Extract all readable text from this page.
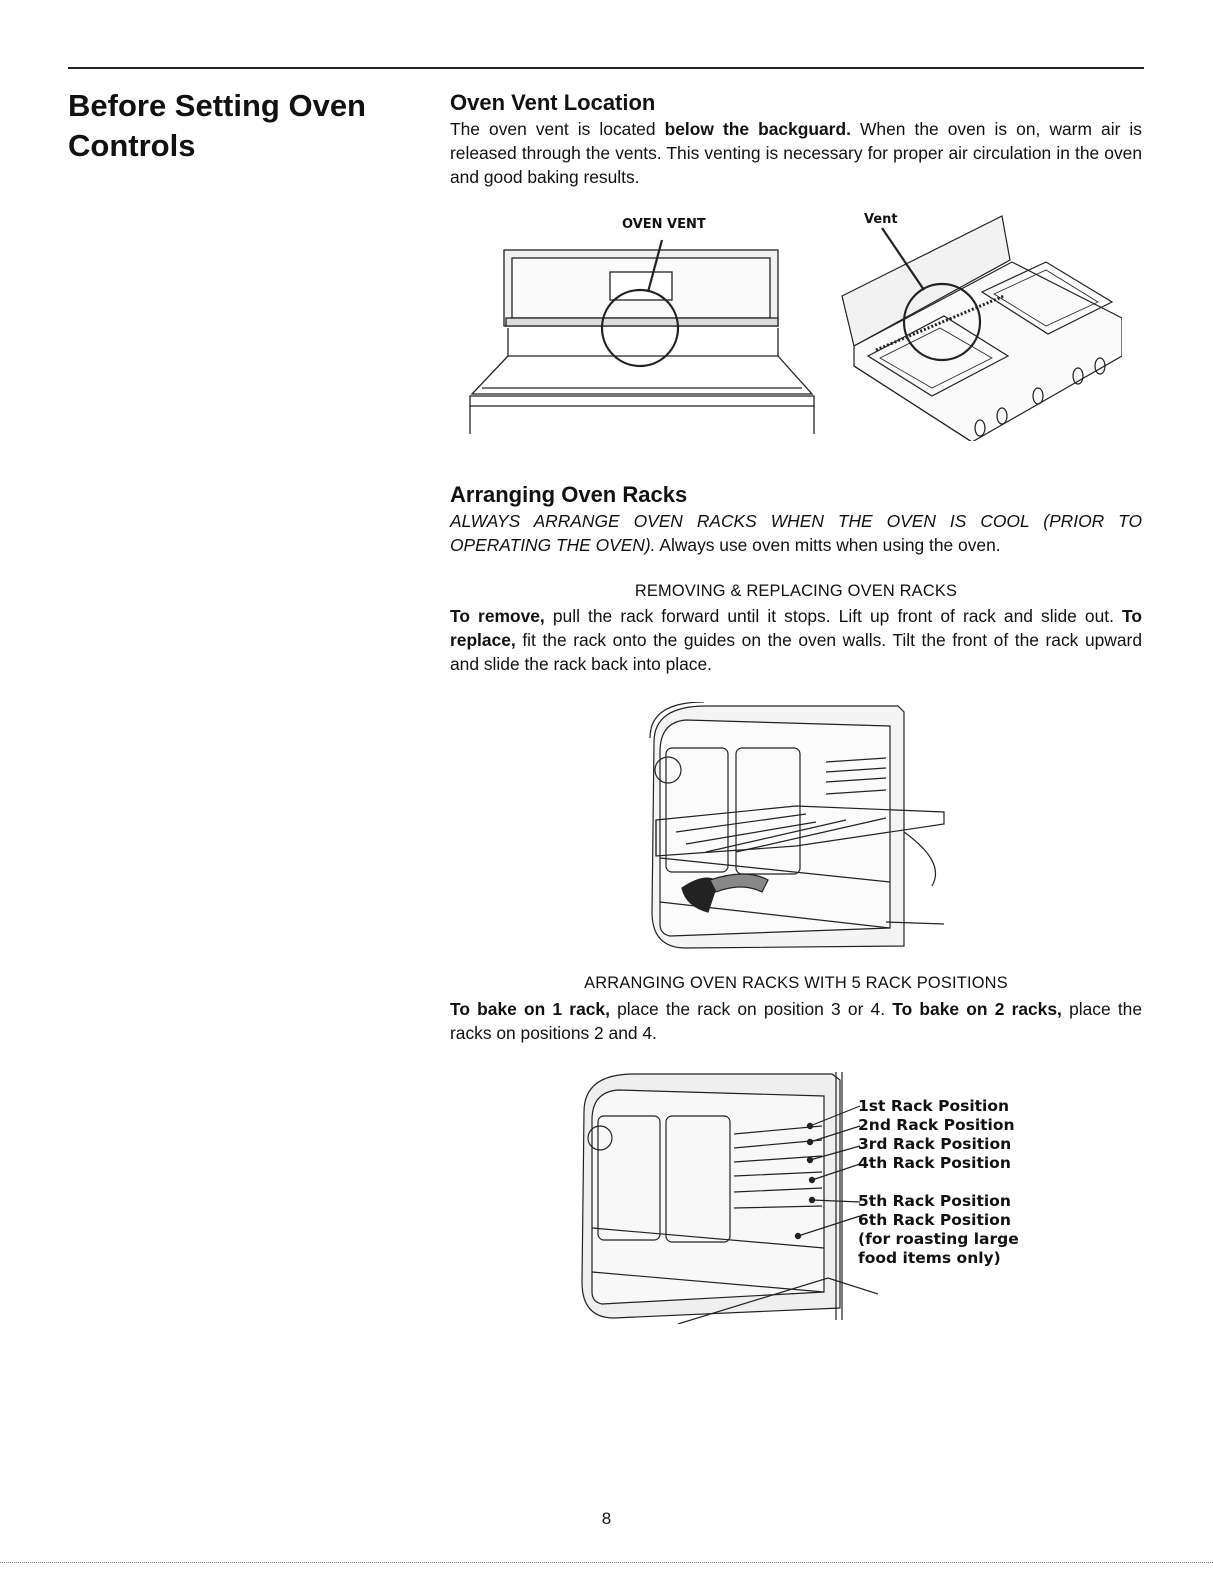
Before Setting Oven Controls
Oven Vent Location

The oven vent is located below the backguard. When the oven is on, warm air is released through the vents. This venting is necessary for proper air circulation in the oven and good baking results.

OVEN VENT	Vent
Arranging Oven Racks

ALWAYS ARRANGE OVEN RACKS WHEN THE OVEN IS COOL (PRIOR TO OPERATING THE OVEN). Always use oven mitts when using the oven.

REMOVING & REPLACING OVEN RACKS

To remove, pull the rack forward until it stops. Lift up front of rack and slide out. To replace, fit the rack onto the guides on the oven walls. Tilt the front of the rack upward and slide the rack back into place.

ARRANGING OVEN RACKS WITH 5 RACK POSITIONS

To bake on 1 rack, place the rack on position 3 or 4. To bake on 2 racks, place the racks on positions 2 and 4.

1st Rack Position
2nd Rack Position
3rd Rack Position
4th Rack Position
5th Rack Position
6th Rack Position
(for roasting large
food items only)
8
